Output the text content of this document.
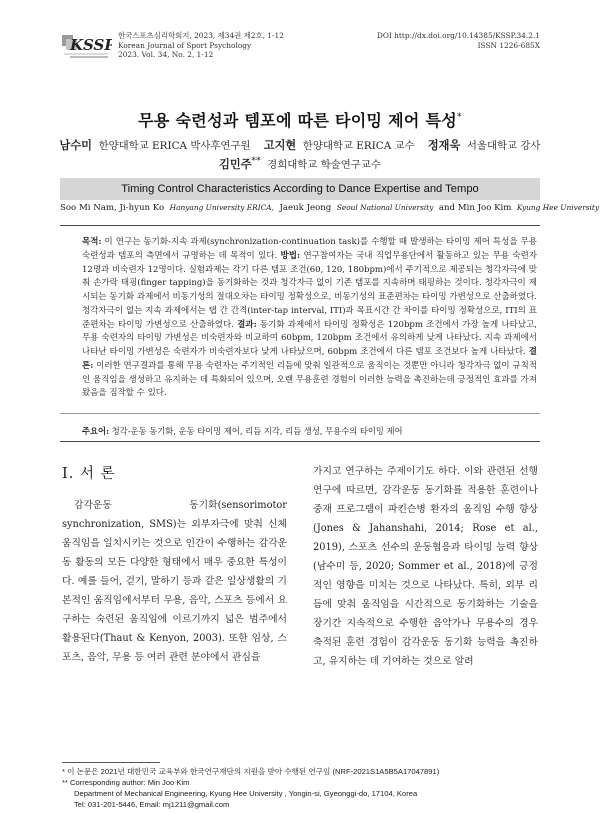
KSSP
한국스포츠심리학회지, 2023, 제34권 제2호, 1-12
Korean Journal of Sport Psychology
2023. Vol. 34, No. 2, 1-12
DOI http://dx.doi.org/10.14385/KSSP.34.2.1
ISSN 1226-685X
무용 숙련성과 템포에 따른 타이밍 제어 특성*
남수미 한양대학교 ERICA 박사후연구원 고지현 한양대학교 ERICA 교수 정재욱 서울대학교 강사
김민주** 경희대학교 학술연구교수
Timing Control Characteristics According to Dance Expertise and Tempo
Soo Mi Nam, Ji-hyun Ko Hanyang University ERICA, Jaeuk Jeong Seoul National University and Min Joo Kim Kyung Hee University
목적: 이 연구는 동기화-지속 과제(synchronization-continuation task)를 수행할 때 발생하는 타이밍 제어 특성을 무용 숙련성과 템포의 측면에서 규명하는 데 목적이 있다. 방법: 연구참여자는 국내 직업무용단에서 활동하고 있는 무용 숙련자 12명과 비숙련자 12명이다. 실험과제는 각기 다른 템포 조건(60, 120, 180bpm)에서 주기적으로 제공되는 청각자극에 맞춰 손가락 태핑(finger tapping)을 동기화하는 것과 청각자극 없이 기존 템포를 지속하며 태핑하는 것이다. 청각자극이 제시되는 동기화 과제에서 비동기성의 절대오차는 타이밍 정확성으로, 비동기성의 표준편차는 타이밍 가변성으로 산출하였다. 청각자극이 없는 지속 과제에서는 탭 간 간격(inter-tap interval, ITI)과 목표시간 간 차이를 타이밍 정확성으로, ITI의 표준편차는 타이밍 가변성으로 산출하였다. 결과: 동기화 과제에서 타이밍 정확성은 120bpm 조건에서 가장 높게 나타났고, 무용 숙련자의 타이밍 가변성은 비숙련자와 비교하여 60bpm, 120bpm 조건에서 유의하게 낮게 나타났다. 지속 과제에서 나타난 타이밍 가변성은 숙련자가 비숙련자보다 낮게 나타났으며, 60bpm 조건에서 다른 템포 조건보다 높게 나타났다. 결론: 이러한 연구결과를 통해 무용 숙련자는 주기적인 리듬에 맞춰 일관적으로 움직이는 것뿐만 아니라 청각자극 없이 규칙적인 움직임을 생성하고 유지하는 데 특화되어 있으며, 오랜 무용훈련 경험이 이러한 능력을 촉진하는데 긍정적인 효과를 가져왔음을 짐작할 수 있다.
주요어: 청각-운동 동기화, 운동 타이밍 제어, 리듬 지각, 리듬 생성, 무용수의 타이밍 제어
I. 서 론
감각운동 동기화(sensorimotor synchronization, SMS)는 외부자극에 맞춰 신체 움직임을 일치시키는 것으로 인간이 수행하는 감각운동 활동의 모든 다양한 형태에서 매우 중요한 특성이다. 예를 들어, 걷기, 말하기 등과 같은 일상생활의 기본적인 움직임에서부터 무용, 음악, 스포츠 등에서 요구하는 숙련된 움직임에 이르기까지 넓은 범주에서 활용된다(Thaut & Kenyon, 2003). 또한 임상, 스포츠, 음악, 무용 등 여러 관련 분야에서 관심을
가지고 연구하는 주제이기도 하다. 이와 관련된 선행연구에 따르면, 감각운동 동기화를 적용한 훈련이나 중재 프로그램이 파킨슨병 환자의 움직임 수행 향상(Jones & Jahanshahi, 2014; Rose et al., 2019), 스포츠 선수의 운동협응과 타이밍 능력 향상(남수미 등, 2020; Sommer et al., 2018)에 긍정적인 영향을 미치는 것으로 나타났다. 특히, 외부 리듬에 맞춰 움직임을 시간적으로 동기화하는 기술을 장기간 지속적으로 수행한 음악가나 무용수의 경우 축적된 훈련 경험이 감각운동 동기화 능력을 촉진하고, 유지하는 데 기여하는 것으로 알려
* 이 논문은 2021년 대한민국 교육부와 한국연구재단의 지원을 받아 수행된 연구임 (NRF-2021S1A5B5A17047891)
** Corresponding author: Min Joo Kim
Department of Mechanical Engineering, Kyung Hee University , Yongin-si, Gyeonggi-do, 17104, Korea
Tel: 031-201-5446, Email: mj1211@gmail.com
